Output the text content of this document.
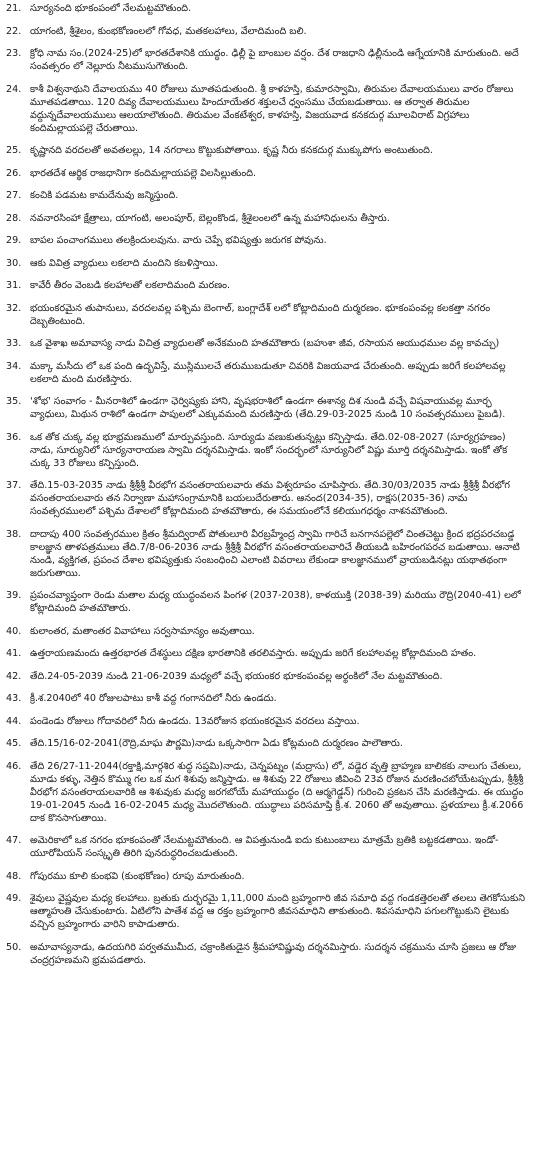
21. సూర్యనంది భూకంపంలో నేలమట్టమౌతుంది.
22. యాగంటి, శ్రీశైలం, కుంభకోణంలలో గోవధ, మతకలహాలు, వేలాదిమంది బలి.
23. క్రోధి నామ సం.(2024-25)లో భారతదేశానికి యుద్ధం. ఢిల్లీ పై బాంబుల వర్షం. దేశ రాజధాని ఢిల్లీనుండి ఆగ్నేయానికి మారుతుంది. అదే సంవత్సరం లో నెల్లూరు నీటముసుగౌతుంది.
24. కాశీ విశ్వనాథుని దేవాలయము 40 రోజులు మూతపడుతుంది. శ్రీ కాళహస్తి, కుమారస్వామి, తిరుమల దేవాలయములు వారం రోజులు మూతపడతాయి. 120 దివ్య దేవాలయములు హిందూయేతర శక్తులచే ధ్వంసము చేయబడుతాయి. ఆ తర్వాత తిరుమల వద్దున్నదేవాలయములు ఆలయాలౌతుంది. తిరుమల వేంకటేశ్వర, కాళహస్తి, విజయవాడ కనకదుర్గ మూలవిరాట్ విగ్రహాలు కందిమల్లాయపల్లె చేరుతాయి.
25. కృష్ణానది వరదలతో అవతలల్లు, 14 నగరాలు కొట్టుకుపోతాయి. కృష్ణ నీరు కనకదుర్గ ముక్కుపోగు అంటుతుంది.
26. భారతదేశ ఆర్థిక రాజధానిగా కందిమల్లాయపల్లె విలసిల్లుతుంది.
27. కంచికి పడమట కామదేనువు జన్మిస్తుంది.
28. నవనారసింహా క్షేత్రాలు, యాగంటి, అలంపూర్, బెల్లంకొండ, శ్రీశైలంలలో ఉన్న మహానిధులను తీస్తారు.
29. బాపల పంచాంగములు తలక్రిందులవును. వారు చెప్పే భవిష్యత్తు జరుగక పోవును.
30. ఆకు వివిత్ర వ్యాధులు లకలాది మందిని కబళిస్తాయి.
31. కావేరీ తీరం వెంబడి కలహాలతో లకలాదిమంది మరణం.
32. భయంకరమైన తుపానులు, వరదలవల్ల పశ్చిమ బెంగాల్, బంగ్లాదేశ్ లలో కోట్లాదిమంది దుర్మరణం. భూకంపంవల్ల కలకత్తా నగరం దెబ్బతింటుంది.
33. ఒక వైశాఖ అమావాస్య నాడు విచిత్ర వ్యాధులతో అనేకమంది హతమౌతారు (బహుశా జీవ, రసాయన ఆయుధముల వల్ల కావచ్చు)
34. మక్కా మసీదు లో ఒక పంది ఉద్భవిస్తే, ముస్లిములచే తరుముబడుతూ చివరికి విజయవాడ చేరుతుంది. అప్పుడు జరిగే కలహాలవల్ల లకలాది మంది మరణిస్తారు.
35. 'శోభ' సంవాగం - మీనరాశిలో ఉండగా ఛెర్విష్యకు హాని, వృషభరాశిలో ఉండగా ఈశాన్య దిశ నుండి వచ్చే విషవాయువల్ల మూర్ఛ వ్యాధులు, మిథున రాశిలో ఉండగా పాపులలో ఎక్కువమంది మరణిస్తారు (తేది.29-03-2025 నుండి 10 సంవత్సరములు పైబడి).
36. ఒక తోక చుక్క వల్ల భూభ్రమణములో మార్పువస్తుంది. సూర్యుడు వణుకుతున్నట్లు కన్పిస్తాడు. తేది.02-08-2027 (సూర్యగ్రహణం) నాడు, సూర్యునిలో సూర్యనారాయణ స్వామి దర్శనమిస్తాడు. ఇంకో సందర్భంలో సూర్యునిలో విష్ణు మూర్తి దర్శనమిస్తాడు. ఇంకో తోక చుక్క 33 రోజులు కన్పిస్తుంది.
37. తేది.15-03-2035 నాడు శ్రీశ్రీశ్రీ వీరభోగ వసంతరాయలవారు తమ విశ్వరూపం చూపిస్తారు. తేది.30/03/2035 నాడు శ్రీశ్రీశ్రీ వీరభోగ వసంతరాయలవారు తన నిర్వాణా మహాసంగ్రామానికి బయలుదేరుతారు. ఆనంద(2034-35), రాక్షస(2035-36) నామ సంవత్సరములలో పశ్చిమ దేశాలలో కోట్లాదిమంది హతమౌతారు, ఈ సమయంలోనే కలియుగధర్మం నాశనమౌతుంది.
38. దాదాపు 400 సంవత్సరముల క్రితం శ్రీమద్విరాట్ పోతులూరి వీరబ్రహ్మేంద్ర స్వామి గారిచే బనగానపల్లెలో చింతచెట్టు క్రింద భద్రపరచబడ్డ కాలజ్ఞాన తాళపత్రములు తేది.7/8-06-2036 నాడు శ్రీశ్రీశ్రీ వీరభోగ వసంతరాయలవారిచే తీయబడి బహిరంగపరచ బడుతాయి. ఆనాటి నుండి, వ్యక్తిగత, ప్రపంచ దేశాల భవిష్యత్తుకు సంబంధించి ఎలాంటి వివరాలు లేకుండా కాలజ్ఞానములో వ్రాయబడినట్లు యథాతథంగా జరుగుతాయి.
39. ప్రపంచవ్యాప్తంగా రెండు మతాల మధ్య యుద్ధంవలన పింగళ (2037-2038), కాళయుక్తి (2038-39) మరియు రౌద్రి(2040-41) లలో కోట్లాదిమంది హతమౌతారు.
40. కులాంతర, మతాంతర వివాహాలు సర్వసామాన్యం అవుతాయి.
41. ఉత్తరాయణమందు ఉత్తరభారత దేశస్థులు దక్షిణ భారతానికి తరలివస్తారు. అప్పుడు జరిగే కలహాలవల్ల కోట్లాదిమంది హతం.
42. తేది.24-05-2039 నుండి 21-06-2039 మధ్యలో వచ్చే భయంకర భూకంపంవల్ల అర్థంకిలో నేల మట్టమౌతుంది.
43. క్రీ.శ.2040లో 40 రోజులపాటు కాశీ వద్ద గంగానదిలో నీరు ఉండదు.
44. పండెండు రోజులు గోదావరిలో నీరు ఉండదు. 13వరోజున భయంకరమైన వరదలు వస్తాయి.
45. తేది.15/16-02-2041(రౌద్రి,మాఘ పౌర్ణమి)నాడు ఒక్కసారిగా ఏడు కోట్లమంది దుర్మరణం పాలౌతారు.
46. తేది 26/27-11-2044(రక్తాక్షి,మార్గశిర శుద్ధ సప్తమి)నాడు, చెన్నపట్నం (మద్రాసు) లో, వడ్డెర వృత్తి బ్రాహ్మణ బాలికకు నాలుగు చేతులు, మూడు కళ్ళు, నెత్తిన కొమ్ము గల ఒక మగ శిశువు జన్మిస్తాడు. ఆ శిశువు 22 రోజులు జీవించి 23వ రోజున మరణించబోయేటప్పుడు, శ్రీశ్రీశ్రీ వీరభోగ వసంతరాయలవారికి ఆ శిశువుకు మధ్య జరగబోయే మహాయుద్ధం (ది ఆర్మగెడ్డన్) గురించి ప్రకటన చేసి మరణిస్తాడు. ఈ యుద్ధం 19-01-2045 నుండి 16-02-2045 మధ్య మొదలౌతుంది. యుద్ధాలు పరిసమాప్తి క్రీ.శ. 2060 తో అవుతాయి. ప్రళయాలు క్రీ.శ.2066 దాక కొనసాగుతాయి.
47. అమెరికాలో ఒక నగరం భూకంపంతో నేలమట్టమౌతుంది. ఆ విపత్తునుండి ఐదు కుటుంబాలు మాత్రమే బ్రతికి బట్టకడతాయి. ఇండో-యూరోపియన్ సంస్కృతి తిరిగి పునరుద్ధరించబడుతుంది.
48. గోపురము కూలి కుంభవి (కుంభకోణం) రూపు మారుతుంది.
49. శైవులు వైష్ణవుల మధ్య కలహాలు. బ్రతుకు దుర్భరమై 1,11,000 మంది బ్రహ్మంగారి జీవ సమాధి వద్ద గండకత్తెరలతో తలలు తెగకోసుకుని ఆత్మాహుతి చేసుకుంటారు. ఏటిలోని పాతేశ వద్ద ఆ రక్తం బ్రహ్మంగారి జీవసమాధిని తాకుతుంది. శివసమాధిని పగులగొట్టుకుని లైటుకు వచ్చిన బ్రహ్మంగారు వారిని కాపాడుతారు.
50. అమావాస్యనాడు, ఉదయగిరి పర్వతముమీద, చక్రాంకితుడైన శ్రీమహావిష్ణువు దర్శనమిస్తారు. సుదర్శన చక్రమును చూసి ప్రజలు ఆ రోజు చంద్రగ్రహణమని భ్రమపడతారు.
